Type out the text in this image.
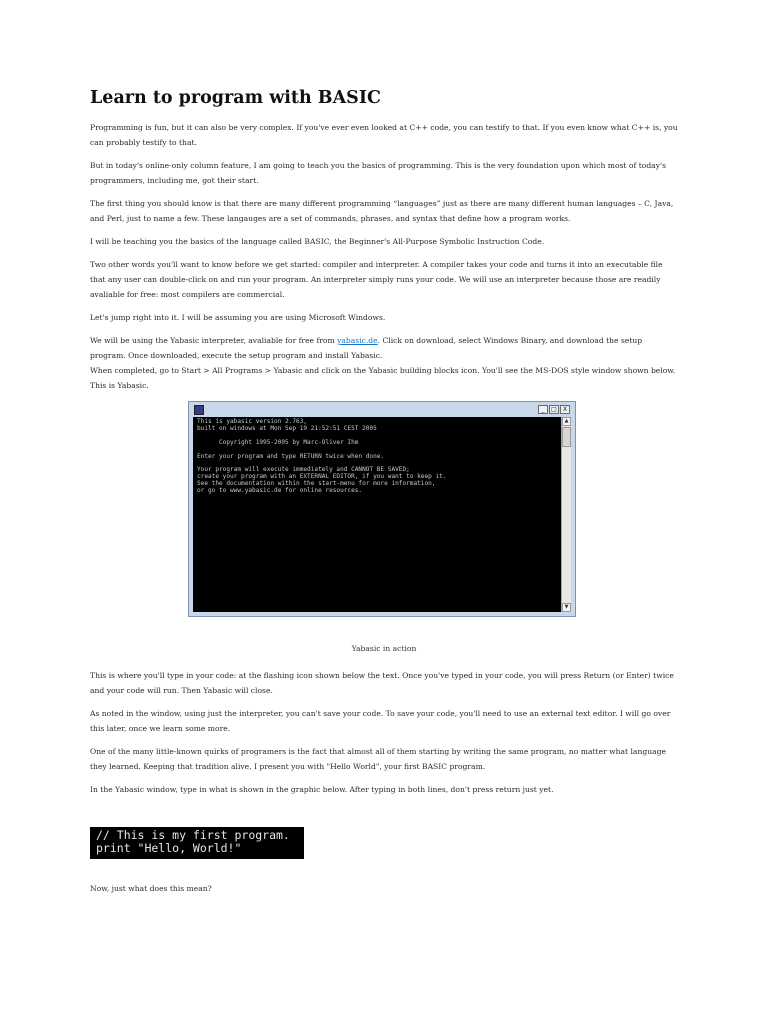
Learn to program with BASIC

Programming is fun, but it can also be very complex. If you've ever even looked at C++ code, you can testify to that. If you even know what C++ is, you can probably testify to that.

But in today's online-only column feature, I am going to teach you the basics of programming. This is the very foundation upon which most of today's programmers, including me, got their start.

The first thing you should know is that there are many different programming “languages” just as there are many different human languages – C, Java, and Perl, just to name a few. These langauges are a set of commands, phrases, and syntax that define how a program works.

I will be teaching you the basics of the language called BASIC, the Beginner's All-Purpose Symbolic Instruction Code.

Two other words you'll want to know before we get started: compiler and interpreter. A compiler takes your code and turns it into an executable file that any user can double-click on and run your program. An interpreter simply runs your code. We will use an interpreter because those are readily avaliable for free: most compilers are commercial.

Let's jump right into it. I will be assuming you are using Microsoft Windows.

We will be using the Yabasic interpreter, avaliable for free from yabasic.de. Click on download, select Windows Binary, and download the setup program. Once downloaded, execute the setup program and install Yabasic.

When completed, go to Start > All Programs > Yabasic and click on the Yabasic building blocks icon. You'll see the MS-DOS style window shown below. This is Yabasic.

_	□	X
This is yabasic version 2.763,
built on windows at Mon Sep 19 21:52:51 CEST 2005

Copyright 1995-2005 by Marc-Oliver Ihm

Enter your program and type RETURN twice when done.

Your program will execute immediately and CANNOT BE SAVED;
create your program with an EXTERNAL EDITOR, if you want to keep it.
See the documentation within the start-menu for more information,
or go to www.yabasic.de for online resources.
▲
▼

Yabasic in action

This is where you'll type in your code: at the flashing icon shown below the text. Once you've typed in your code, you will press Return (or Enter) twice and your code will run. Then Yabasic will close.

As noted in the window, using just the interpreter, you can't save your code. To save your code, you'll need to use an external text editor. I will go over this later, once we learn some more.

One of the many little-known quirks of programers is the fact that almost all of them starting by writing the same program, no matter what language they learned. Keeping that tradition alive, I present you with "Hello World", your first BASIC program.

In the Yabasic window, type in what is shown in the graphic below. After typing in both lines, don't press return just yet.

// This is my first program.
print "Hello, World!"

Now, just what does this mean?
